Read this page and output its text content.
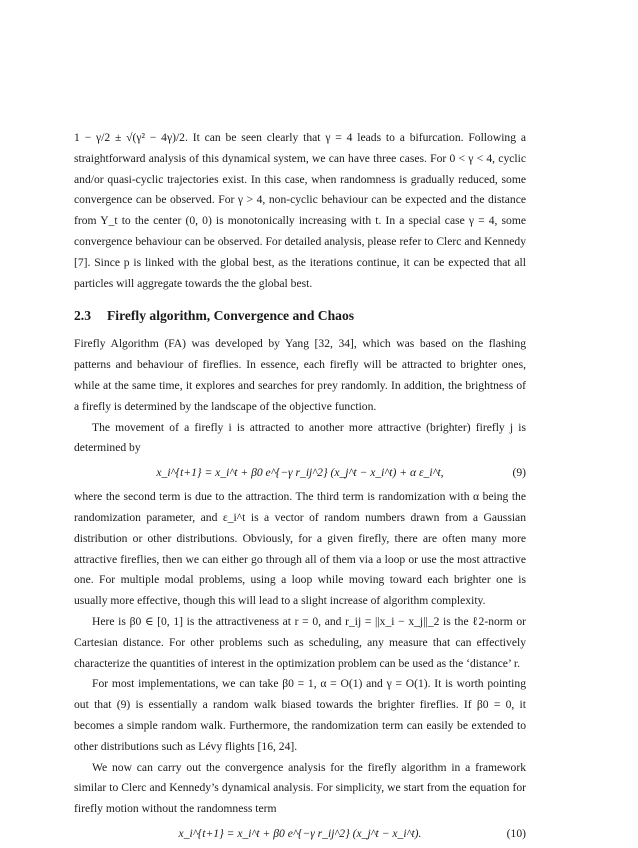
1 − γ/2 ± √(γ² − 4γ)/2. It can be seen clearly that γ = 4 leads to a bifurcation. Following a straightforward analysis of this dynamical system, we can have three cases. For 0 < γ < 4, cyclic and/or quasi-cyclic trajectories exist. In this case, when randomness is gradually reduced, some convergence can be observed. For γ > 4, non-cyclic behaviour can be expected and the distance from Y_t to the center (0, 0) is monotonically increasing with t. In a special case γ = 4, some convergence behaviour can be observed. For detailed analysis, please refer to Clerc and Kennedy [7]. Since p is linked with the global best, as the iterations continue, it can be expected that all particles will aggregate towards the the global best.

2.3 Firefly algorithm, Convergence and Chaos

Firefly Algorithm (FA) was developed by Yang [32, 34], which was based on the flashing patterns and behaviour of fireflies. In essence, each firefly will be attracted to brighter ones, while at the same time, it explores and searches for prey randomly. In addition, the brightness of a firefly is determined by the landscape of the objective function.

The movement of a firefly i is attracted to another more attractive (brighter) firefly j is determined by

x_i^{t+1} = x_i^t + β0 e^{−γ r_ij^2} (x_j^t − x_i^t) + α ε_i^t,	(9)

where the second term is due to the attraction. The third term is randomization with α being the randomization parameter, and ε_i^t is a vector of random numbers drawn from a Gaussian distribution or other distributions. Obviously, for a given firefly, there are often many more attractive fireflies, then we can either go through all of them via a loop or use the most attractive one. For multiple modal problems, using a loop while moving toward each brighter one is usually more effective, though this will lead to a slight increase of algorithm complexity.

Here is β0 ∈ [0, 1] is the attractiveness at r = 0, and r_ij = ||x_i − x_j||_2 is the ℓ2-norm or Cartesian distance. For other problems such as scheduling, any measure that can effectively characterize the quantities of interest in the optimization problem can be used as the ‘distance’ r.

For most implementations, we can take β0 = 1, α = O(1) and γ = O(1). It is worth pointing out that (9) is essentially a random walk biased towards the brighter fireflies. If β0 = 0, it becomes a simple random walk. Furthermore, the randomization term can easily be extended to other distributions such as Lévy flights [16, 24].

We now can carry out the convergence analysis for the firefly algorithm in a framework similar to Clerc and Kennedy’s dynamical analysis. For simplicity, we start from the equation for firefly motion without the randomness term

x_i^{t+1} = x_i^t + β0 e^{−γ r_ij^2} (x_j^t − x_i^t).	(10)
